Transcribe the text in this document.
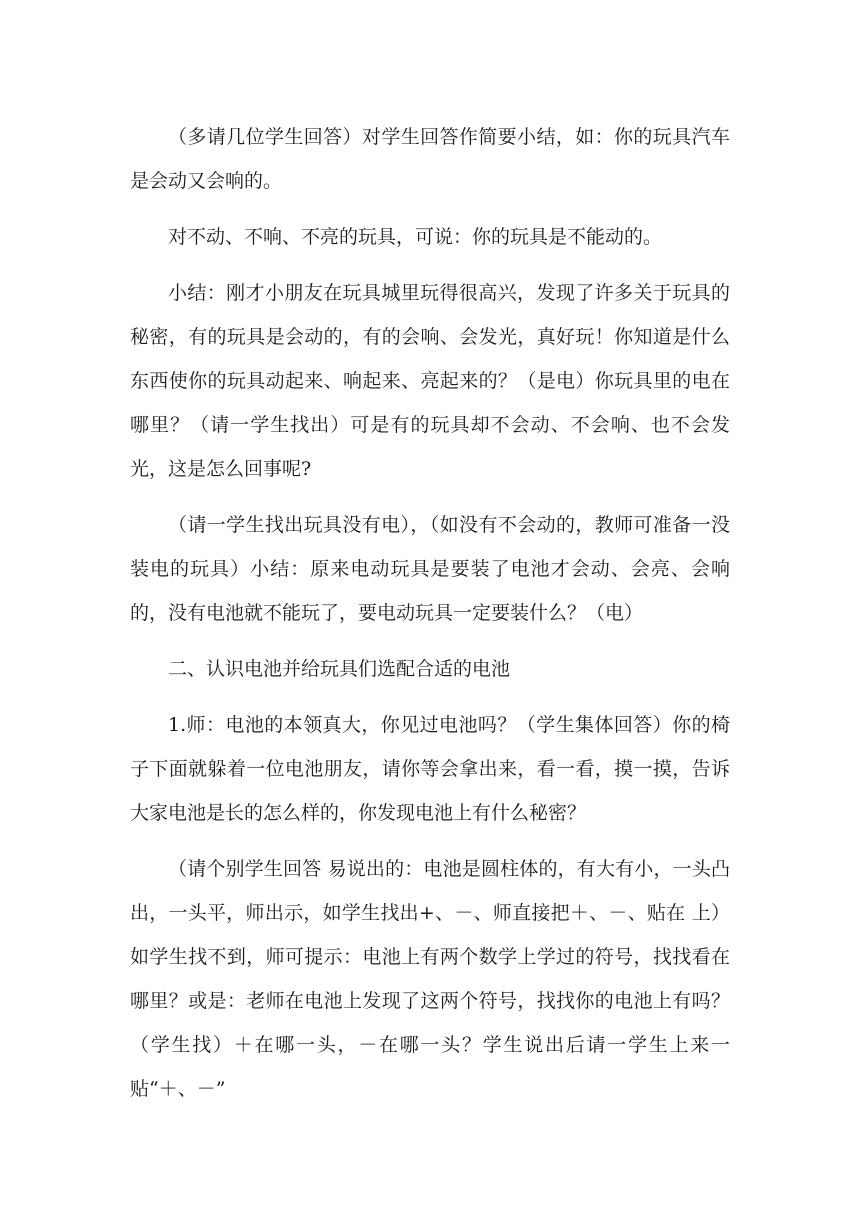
（多请几位学生回答）对学生回答作简要小结，如：你的玩具汽车是会动又会响的。

对不动、不响、不亮的玩具，可说：你的玩具是不能动的。

小结：刚才小朋友在玩具城里玩得很高兴，发现了许多关于玩具的秘密，有的玩具是会动的，有的会响、会发光，真好玩！你知道是什么东西使你的玩具动起来、响起来、亮起来的？（是电）你玩具里的电在哪里？（请一学生找出）可是有的玩具却不会动、不会响、也不会发光，这是怎么回事呢?

（请一学生找出玩具没有电），（如没有不会动的，教师可准备一没装电的玩具）小结：原来电动玩具是要装了电池才会动、会亮、会响的，没有电池就不能玩了，要电动玩具一定要装什么？（电）

二、认识电池并给玩具们选配合适的电池

1.师：电池的本领真大，你见过电池吗？（学生集体回答）你的椅子下面就躲着一位电池朋友，请你等会拿出来，看一看，摸一摸，告诉大家电池是长的怎么样的，你发现电池上有什么秘密？

（请个别学生回答 易说出的：电池是圆柱体的，有大有小，一头凸出，一头平，师出示，如学生找出+、－、师直接把＋、－、贴在 上）如学生找不到，师可提示：电池上有两个数学上学过的符号，找找看在哪里？或是：老师在电池上发现了这两个符号，找找你的电池上有吗？（学生找）＋在哪一头，－在哪一头？学生说出后请一学生上来一贴“＋、－”
